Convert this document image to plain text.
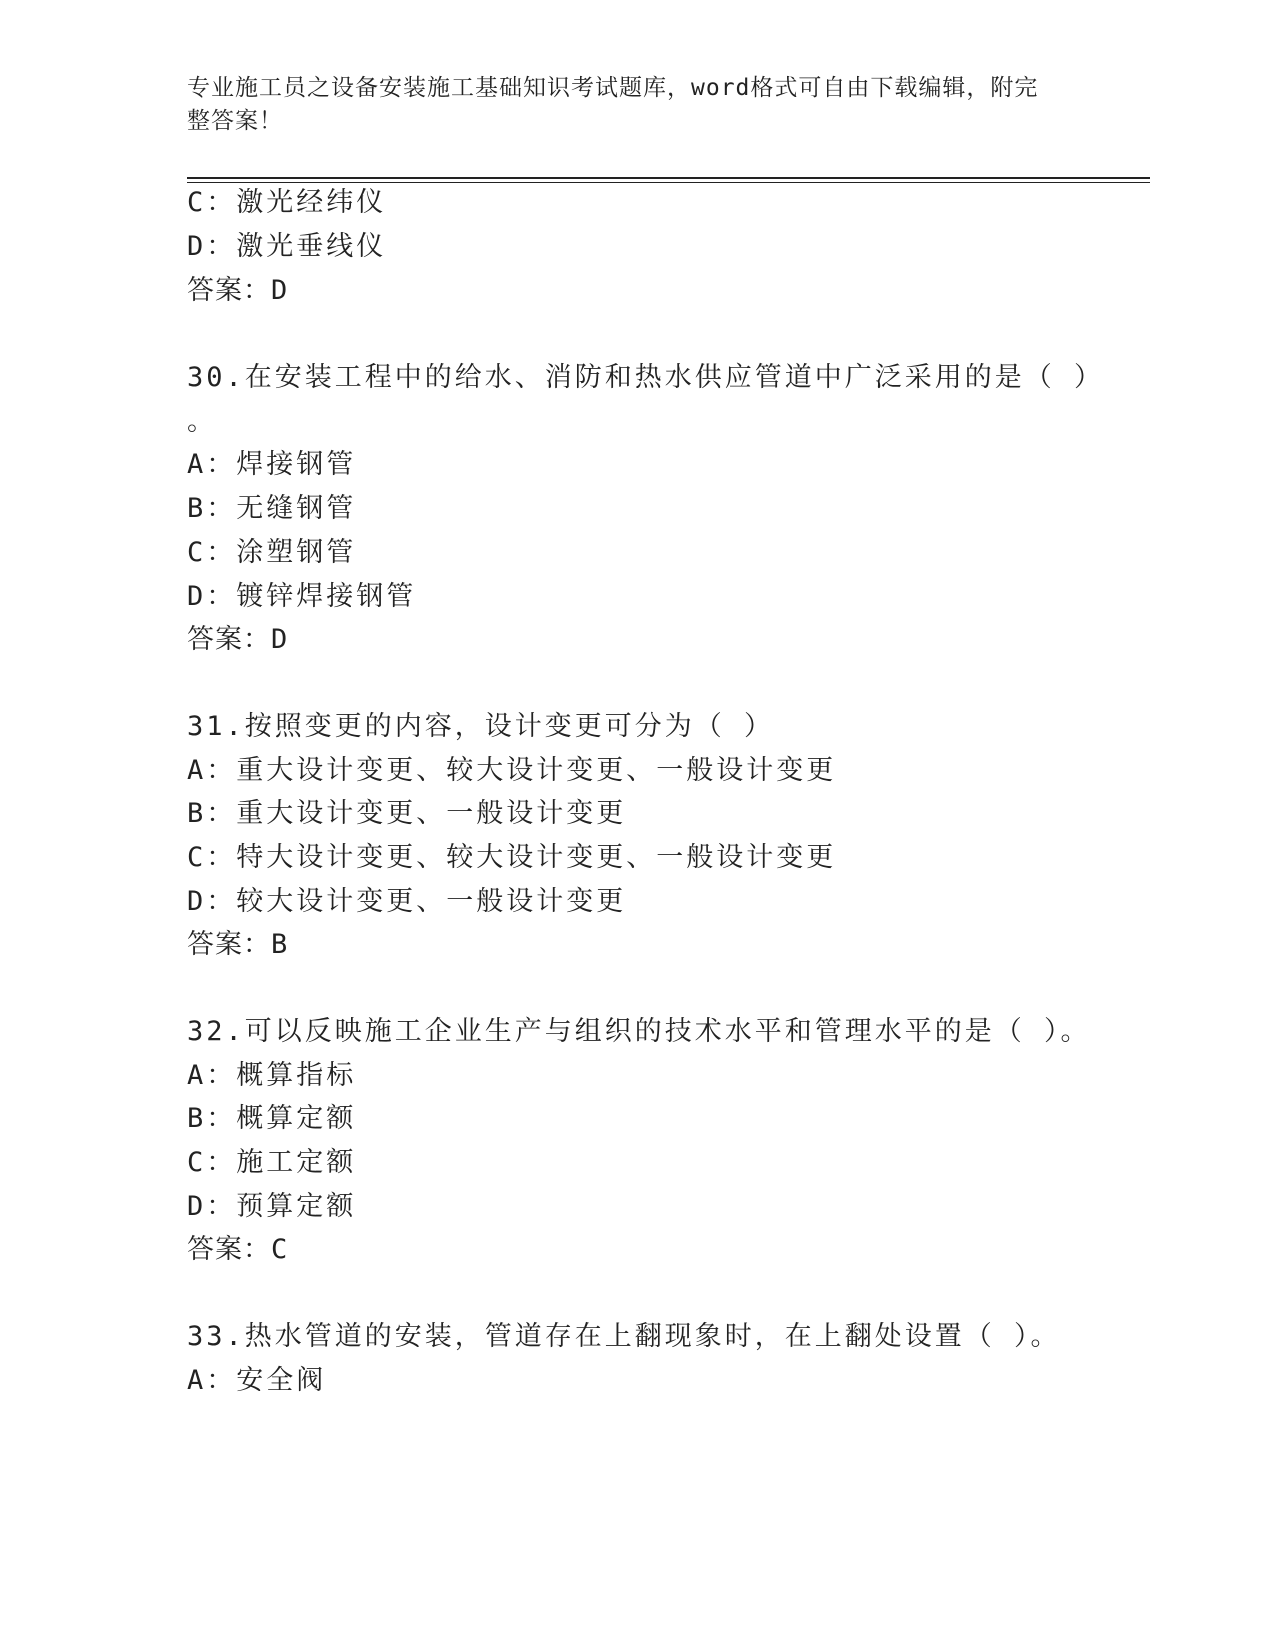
专业施工员之设备安装施工基础知识考试题库，word格式可自由下载编辑，附完
整答案！
C：激光经纬仪
D：激光垂线仪
答案：D
30.在安装工程中的给水、消防和热水供应管道中广泛采用的是（ ）
。
A：焊接钢管
B：无缝钢管
C：涂塑钢管
D：镀锌焊接钢管
答案：D
31.按照变更的内容，设计变更可分为（ ）
A：重大设计变更、较大设计变更、一般设计变更
B：重大设计变更、一般设计变更
C：特大设计变更、较大设计变更、一般设计变更
D：较大设计变更、一般设计变更
答案：B
32.可以反映施工企业生产与组织的技术水平和管理水平的是（ ）。
A：概算指标
B：概算定额
C：施工定额
D：预算定额
答案：C
33.热水管道的安装，管道存在上翻现象时，在上翻处设置（ ）。
A：安全阀
